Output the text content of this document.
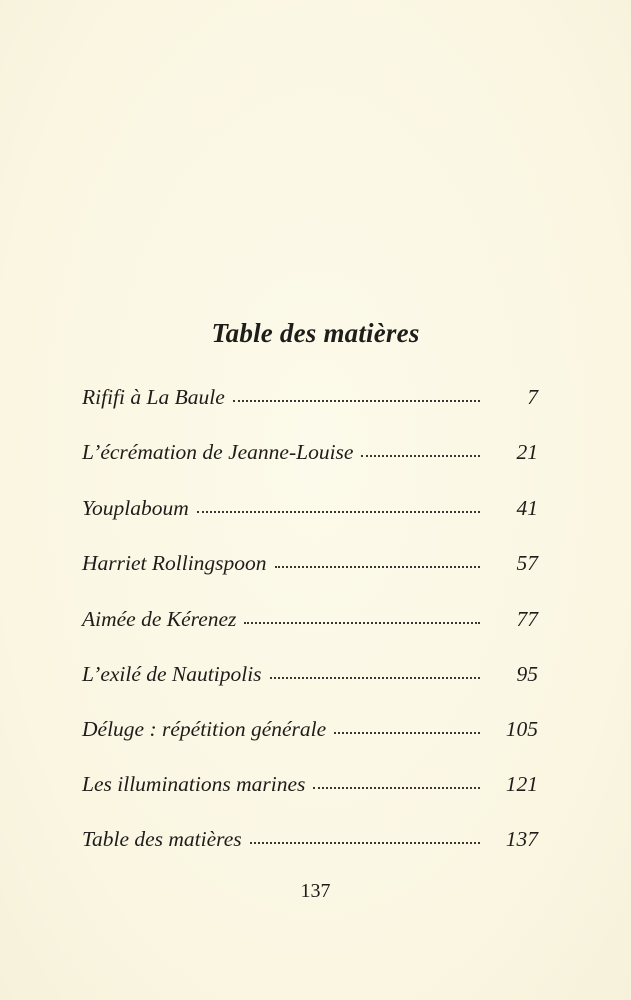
Table des matières
Rififi à La Baule	7
L’écrémation de Jeanne-Louise	21
Youplaboum	41
Harriet Rollingspoon	57
Aimée de Kérenez	77
L’exilé de Nautipolis	95
Déluge : répétition générale	105
Les illuminations marines	121
Table des matières	137
137
